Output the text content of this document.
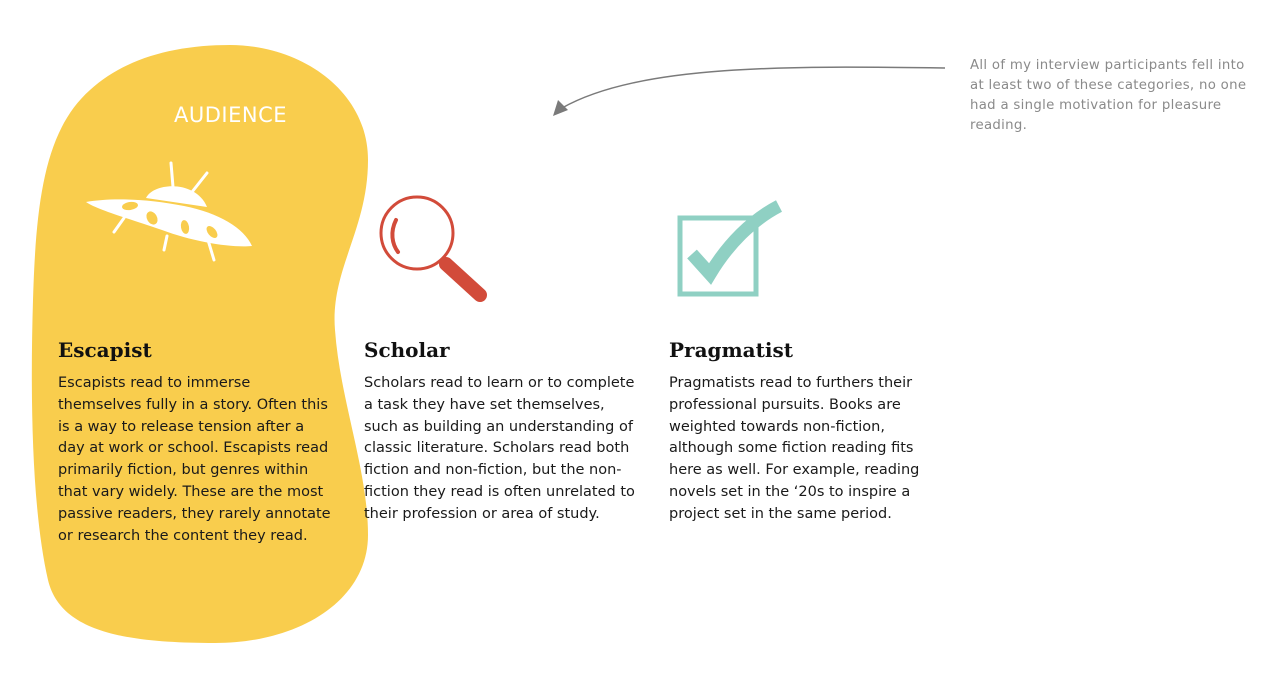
AUDIENCE
Escapist

Escapists read to immerse themselves fully in a story. Often this is a way to release tension after a day at work or school. Escapists read primarily fiction, but genres within that vary widely. These are the most passive readers, they rarely annotate or research the content they read.

Scholar

Scholars read to learn or to complete a task they have set themselves, such as building an understanding of classic literature. Scholars read both fiction and non-fiction, but the non-fiction they read is often unrelated to their profession or area of study.

Pragmatist

Pragmatists read to furthers their professional pursuits. Books are weighted towards non-fiction, although some fiction reading fits here as well. For example, reading novels set in the ‘20s to inspire a project set in the same period.

All of my interview participants fell into at least two of these categories, no one had a single motivation for pleasure reading.
